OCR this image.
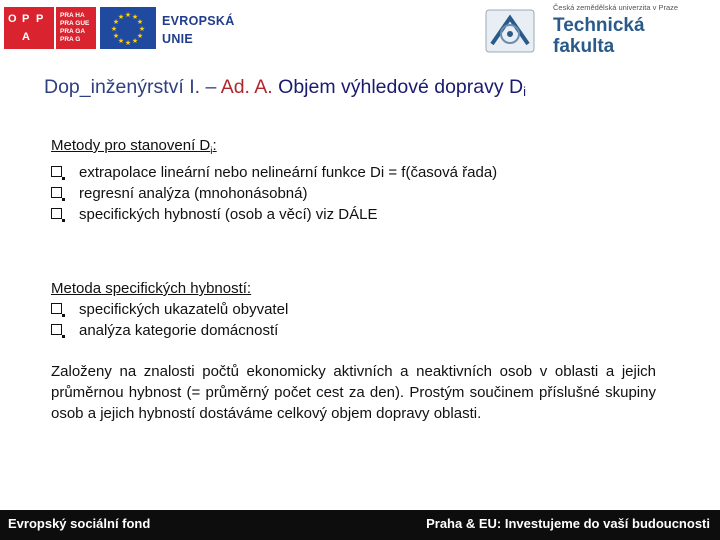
O P P
A
PRA HA
PRA GUE
PRA GA
PRA G
★ ★
★
★
★
★
★
★
★
★
★
★	EVROPSKÁ
UNIE
Česká zemědělská univerzita v Praze
Technická
fakulta
Dop_inženýrství I. – Ad. A. Objem výhledové dopravy $D_i$
Metody pro stanovení $D_i$:
extrapolace lineární nebo nelineární funkce Di = f(časová řada)
regresní analýza (mnohonásobná)
specifických hybností (osob a věcí) viz DÁLE
Metoda specifických hybností:
specifických ukazatelů obyvatel
analýza kategorie domácností
Založeny na znalosti počtů ekonomicky aktivních a neaktivních osob v oblasti a jejich průměrnou hybnost (= průměrný počet cest za den). Prostým součinem příslušné skupiny osob a jejich hybností dostáváme celkový objem dopravy oblasti.
Evropský sociální fond	Praha & EU: Investujeme do vaší budoucnosti
